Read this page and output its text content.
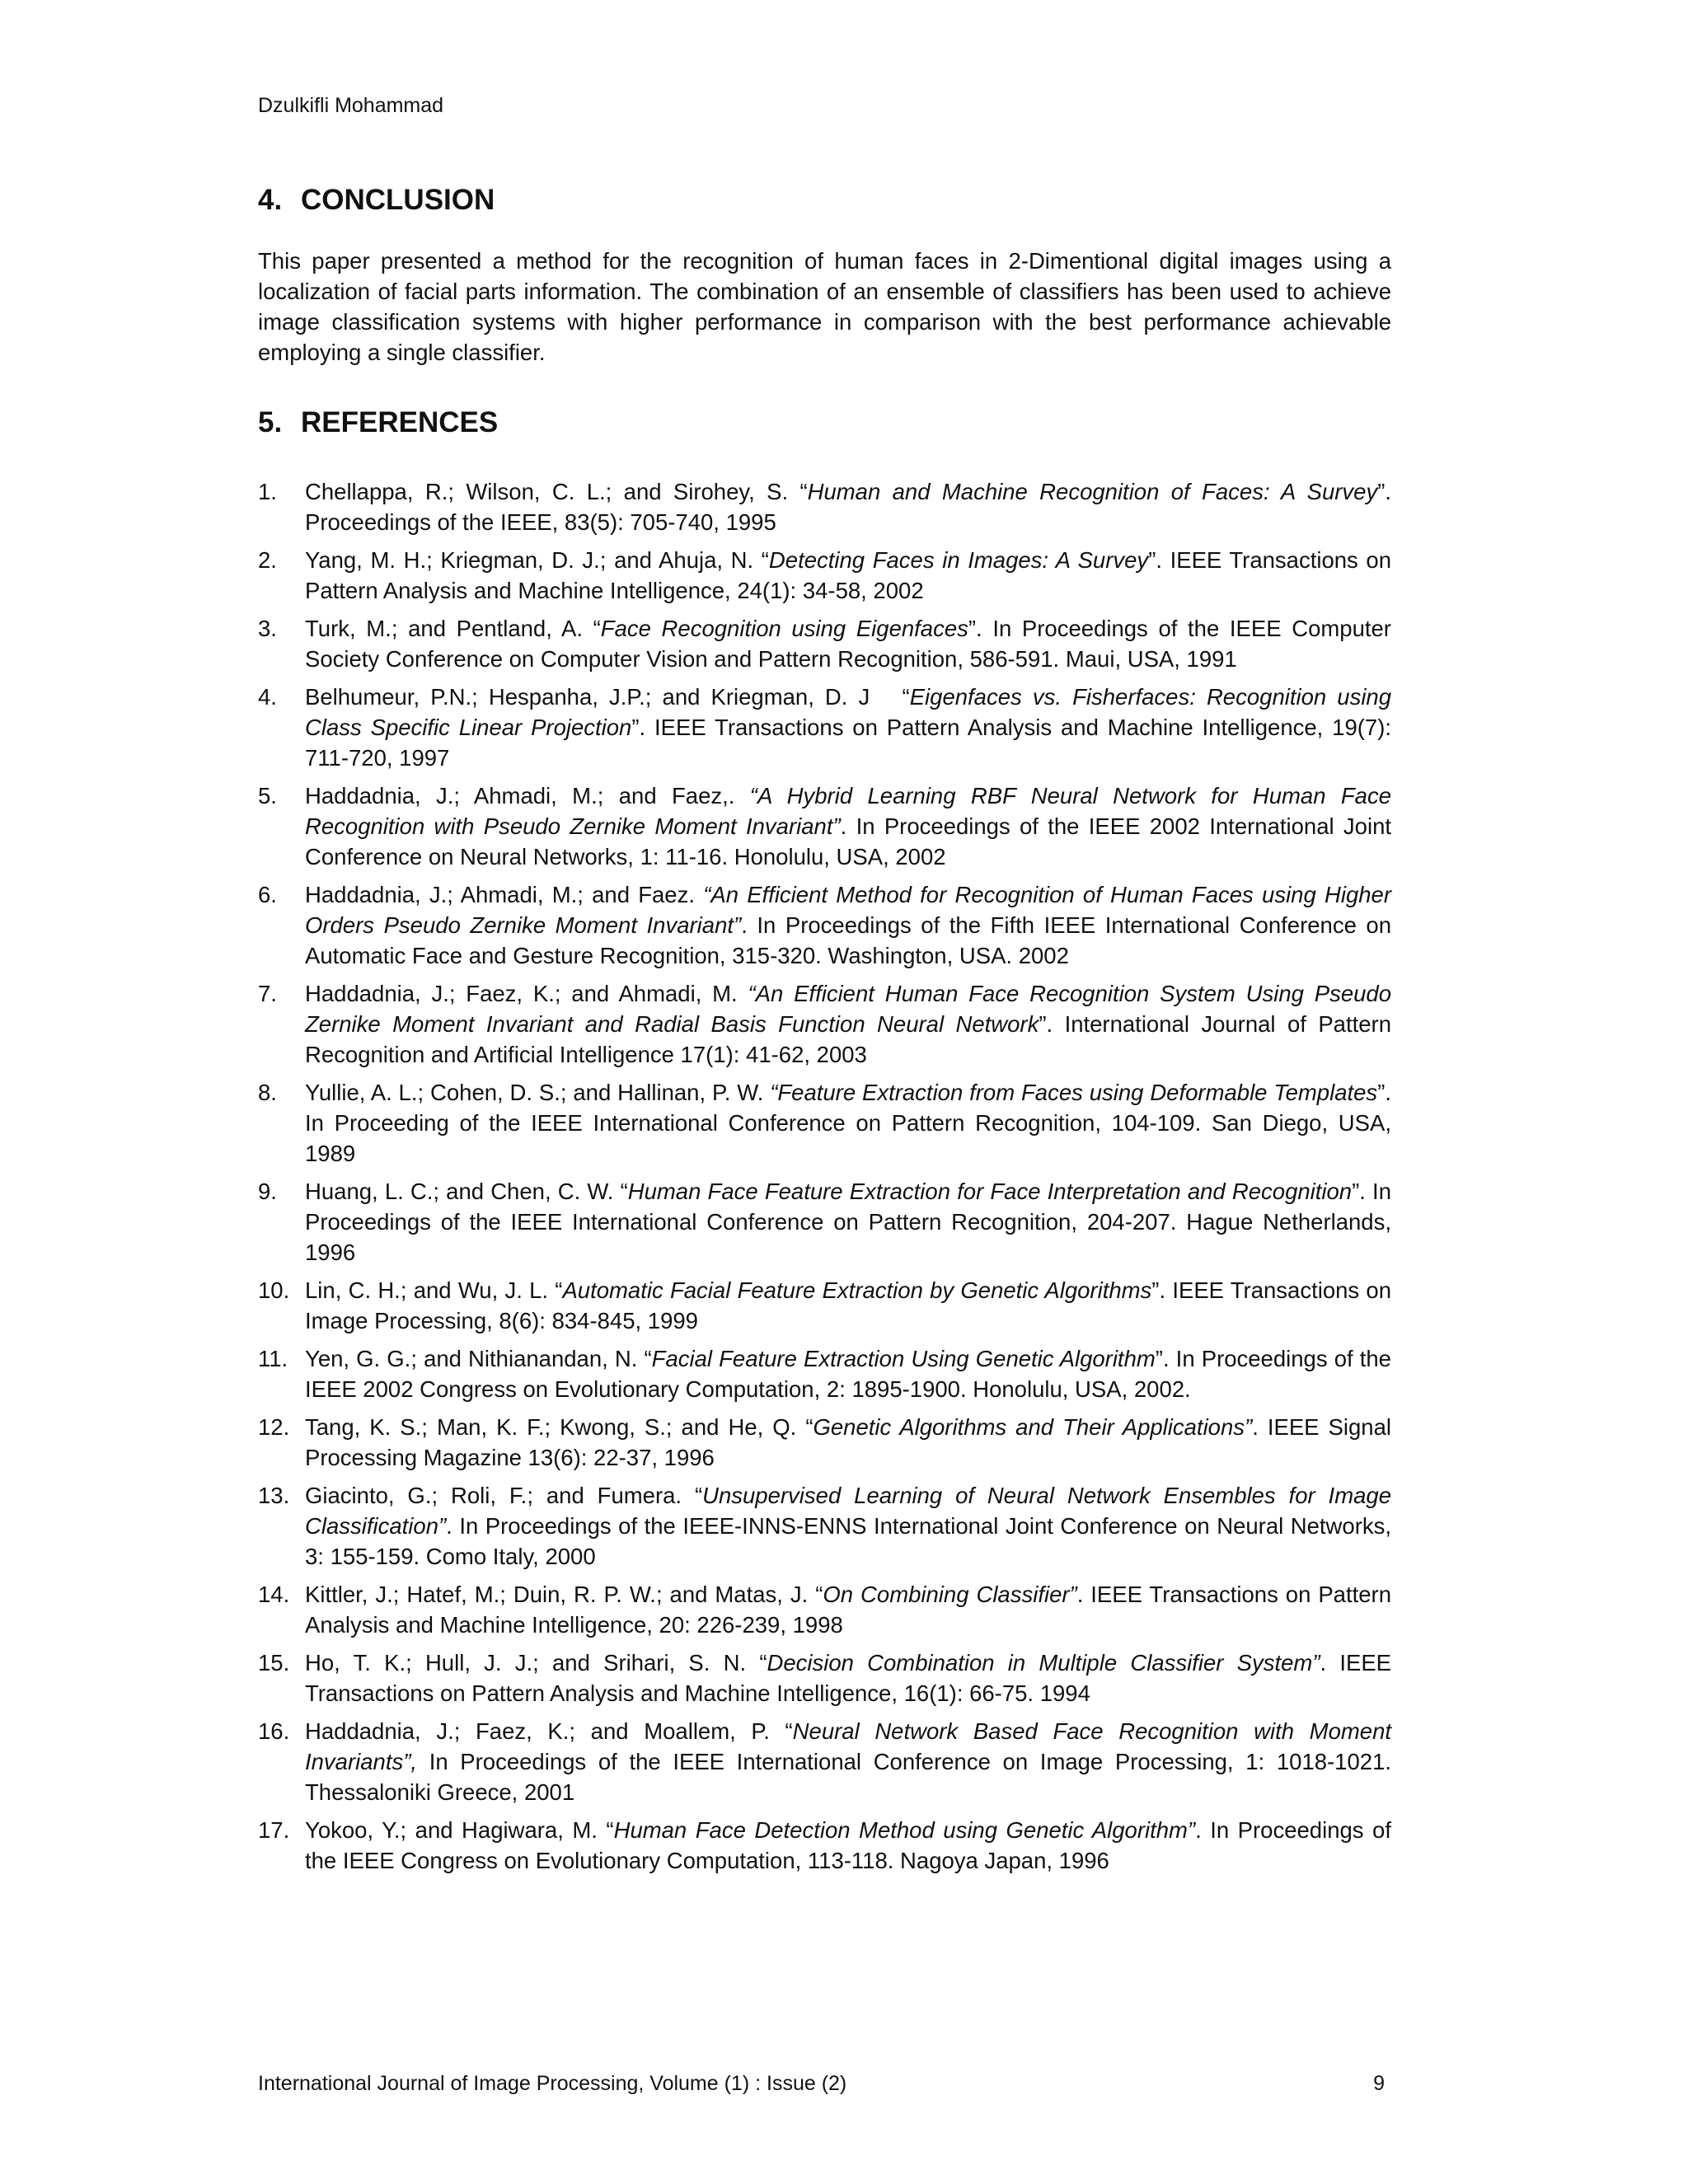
Dzulkifli Mohammad
4. CONCLUSION

This paper presented a method for the recognition of human faces in 2-Dimentional digital images using a localization of facial parts information. The combination of an ensemble of classifiers has been used to achieve image classification systems with higher performance in comparison with the best performance achievable employing a single classifier.

5. REFERENCES

1. Chellappa, R.; Wilson, C. L.; and Sirohey, S. “Human and Machine Recognition of Faces: A Survey”. Proceedings of the IEEE, 83(5): 705-740, 1995

2. Yang, M. H.; Kriegman, D. J.; and Ahuja, N. “Detecting Faces in Images: A Survey”. IEEE Transactions on Pattern Analysis and Machine Intelligence, 24(1): 34-58, 2002

3. Turk, M.; and Pentland, A. “Face Recognition using Eigenfaces”. In Proceedings of the IEEE Computer Society Conference on Computer Vision and Pattern Recognition, 586-591. Maui, USA, 1991

4. Belhumeur, P.N.; Hespanha, J.P.; and Kriegman, D. J   “Eigenfaces vs. Fisherfaces: Recognition using Class Specific Linear Projection”. IEEE Transactions on Pattern Analysis and Machine Intelligence, 19(7): 711-720, 1997

5. Haddadnia, J.; Ahmadi, M.; and Faez,. “A Hybrid Learning RBF Neural Network for Human Face Recognition with Pseudo Zernike Moment Invariant”. In Proceedings of the IEEE 2002 International Joint Conference on Neural Networks, 1: 11-16. Honolulu, USA, 2002

6. Haddadnia, J.; Ahmadi, M.; and Faez. “An Efficient Method for Recognition of Human Faces using Higher Orders Pseudo Zernike Moment Invariant”. In Proceedings of the Fifth IEEE International Conference on Automatic Face and Gesture Recognition, 315-320. Washington, USA. 2002

7. Haddadnia, J.; Faez, K.; and Ahmadi, M. “An Efficient Human Face Recognition System Using Pseudo Zernike Moment Invariant and Radial Basis Function Neural Network”. International Journal of Pattern Recognition and Artificial Intelligence 17(1): 41-62, 2003

8. Yullie, A. L.; Cohen, D. S.; and Hallinan, P. W. “Feature Extraction from Faces using Deformable Templates”. In Proceeding of the IEEE International Conference on Pattern Recognition, 104-109. San Diego, USA, 1989

9. Huang, L. C.; and Chen, C. W. “Human Face Feature Extraction for Face Interpretation and Recognition”. In Proceedings of the IEEE International Conference on Pattern Recognition, 204-207. Hague Netherlands, 1996

10. Lin, C. H.; and Wu, J. L. “Automatic Facial Feature Extraction by Genetic Algorithms”. IEEE Transactions on Image Processing, 8(6): 834-845, 1999

11. Yen, G. G.; and Nithianandan, N. “Facial Feature Extraction Using Genetic Algorithm”. In Proceedings of the IEEE 2002 Congress on Evolutionary Computation, 2: 1895-1900. Honolulu, USA, 2002.

12. Tang, K. S.; Man, K. F.; Kwong, S.; and He, Q. “Genetic Algorithms and Their Applications”. IEEE Signal Processing Magazine 13(6): 22-37, 1996

13. Giacinto, G.; Roli, F.; and Fumera. “Unsupervised Learning of Neural Network Ensembles for Image Classification”. In Proceedings of the IEEE-INNS-ENNS International Joint Conference on Neural Networks, 3: 155-159. Como Italy, 2000

14. Kittler, J.; Hatef, M.; Duin, R. P. W.; and Matas, J. “On Combining Classifier”. IEEE Transactions on Pattern Analysis and Machine Intelligence, 20: 226-239, 1998

15. Ho, T. K.; Hull, J. J.; and Srihari, S. N. “Decision Combination in Multiple Classifier System”. IEEE Transactions on Pattern Analysis and Machine Intelligence, 16(1): 66-75. 1994

16. Haddadnia, J.; Faez, K.; and Moallem, P. “Neural Network Based Face Recognition with Moment Invariants”, In Proceedings of the IEEE International Conference on Image Processing, 1: 1018-1021. Thessaloniki Greece, 2001

17. Yokoo, Y.; and Hagiwara, M. “Human Face Detection Method using Genetic Algorithm”. In Proceedings of the IEEE Congress on Evolutionary Computation, 113-118. Nagoya Japan, 1996

International Journal of Image Processing, Volume (1) : Issue (2)	9
